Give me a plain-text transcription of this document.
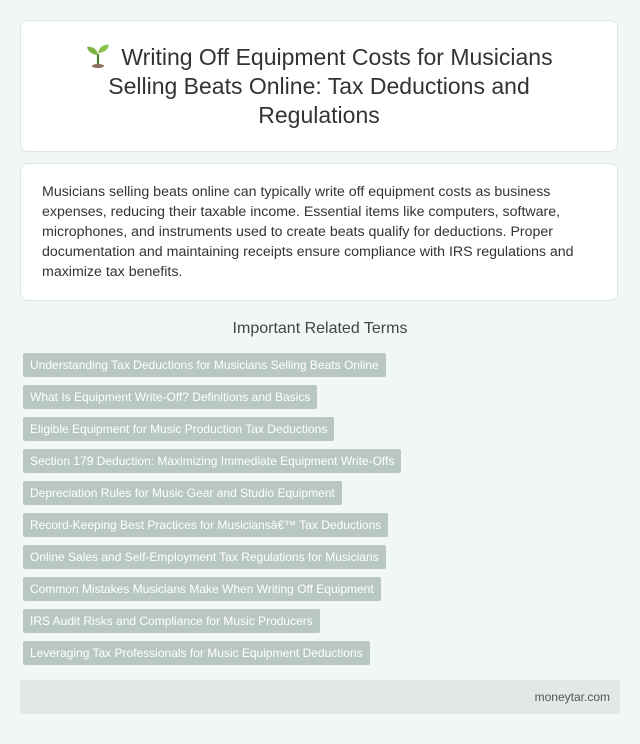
Writing Off Equipment Costs for Musicians Selling Beats Online: Tax Deductions and Regulations

Musicians selling beats online can typically write off equipment costs as business expenses, reducing their taxable income. Essential items like computers, software, microphones, and instruments used to create beats qualify for deductions. Proper documentation and maintaining receipts ensure compliance with IRS regulations and maximize tax benefits.

Important Related Terms
Understanding Tax Deductions for Musicians Selling Beats Online
What Is Equipment Write-Off? Definitions and Basics
Eligible Equipment for Music Production Tax Deductions
Section 179 Deduction: Maximizing Immediate Equipment Write-Offs
Depreciation Rules for Music Gear and Studio Equipment
Record-Keeping Best Practices for Musiciansâ€™ Tax Deductions
Online Sales and Self-Employment Tax Regulations for Musicians
Common Mistakes Musicians Make When Writing Off Equipment
IRS Audit Risks and Compliance for Music Producers
Leveraging Tax Professionals for Music Equipment Deductions
moneytar.com
